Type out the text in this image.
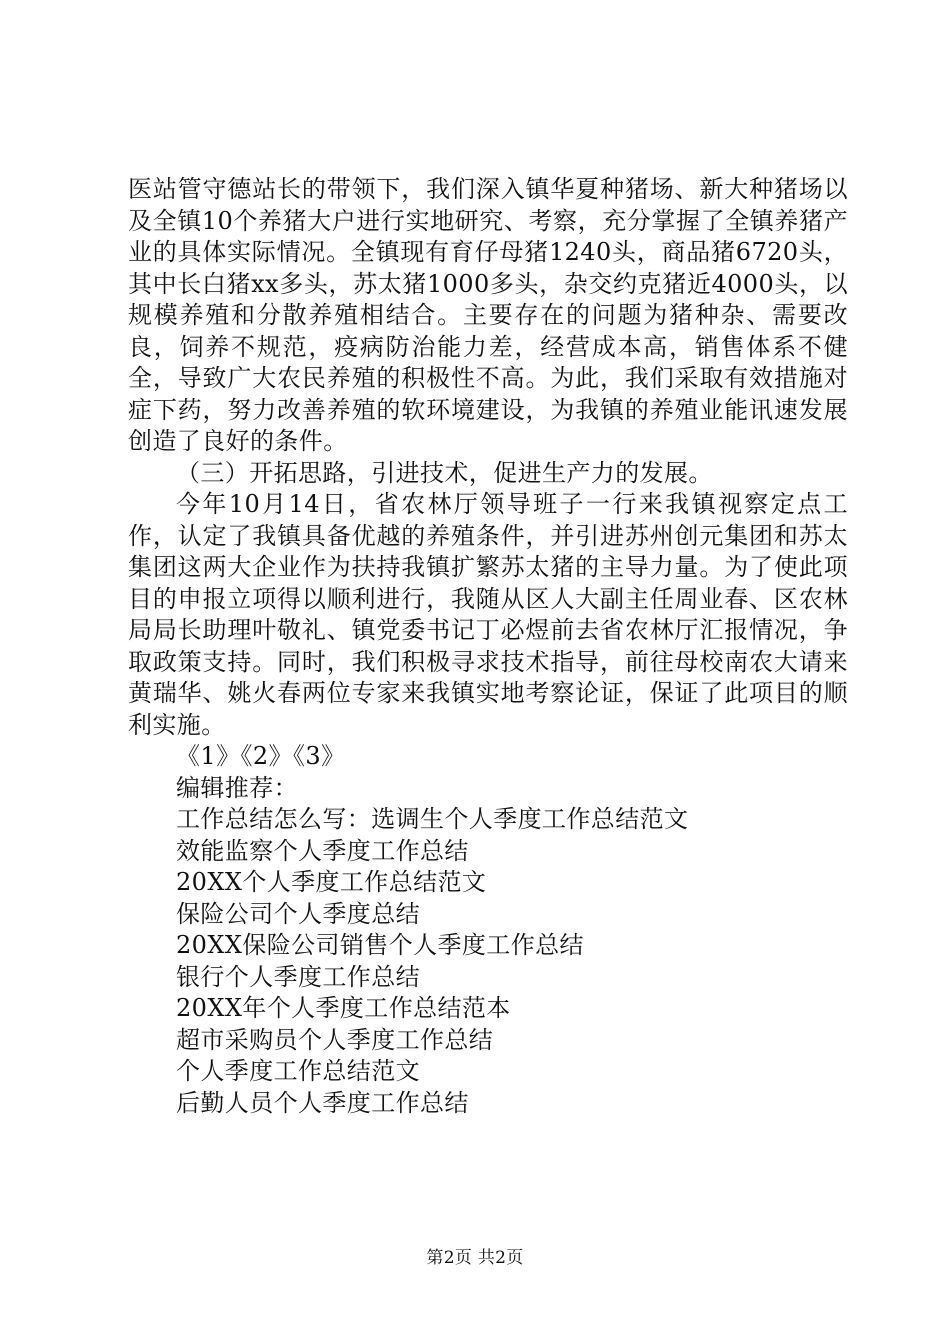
医站管守德站长的带领下，我们深入镇华夏种猪场、新大种猪场以及全镇10个养猪大户进行实地研究、考察，充分掌握了全镇养猪产业的具体实际情况。全镇现有育仔母猪1240头，商品猪6720头，其中长白猪xx多头，苏太猪1000多头，杂交约克猪近4000头，以规模养殖和分散养殖相结合。主要存在的问题为猪种杂、需要改良，饲养不规范，疫病防治能力差，经营成本高，销售体系不健全，导致广大农民养殖的积极性不高。为此，我们采取有效措施对症下药，努力改善养殖的软环境建设，为我镇的养殖业能讯速发展创造了良好的条件。

（三）开拓思路，引进技术，促进生产力的发展。

今年10月14日，省农林厅领导班子一行来我镇视察定点工作，认定了我镇具备优越的养殖条件，并引进苏州创元集团和苏太集团这两大企业作为扶持我镇扩繁苏太猪的主导力量。为了使此项目的申报立项得以顺利进行，我随从区人大副主任周业春、区农林局局长助理叶敬礼、镇党委书记丁必煜前去省农林厅汇报情况，争取政策支持。同时，我们积极寻求技术指导，前往母校南农大请来黄瑞华、姚火春两位专家来我镇实地考察论证，保证了此项目的顺利实施。

《1》《2》《3》

编辑推荐：

工作总结怎么写：选调生个人季度工作总结范文
效能监察个人季度工作总结
20XX个人季度工作总结范文
保险公司个人季度总结
20XX保险公司销售个人季度工作总结
银行个人季度工作总结
20XX年个人季度工作总结范本
超市采购员个人季度工作总结
个人季度工作总结范文
后勤人员个人季度工作总结
第2页 共2页
